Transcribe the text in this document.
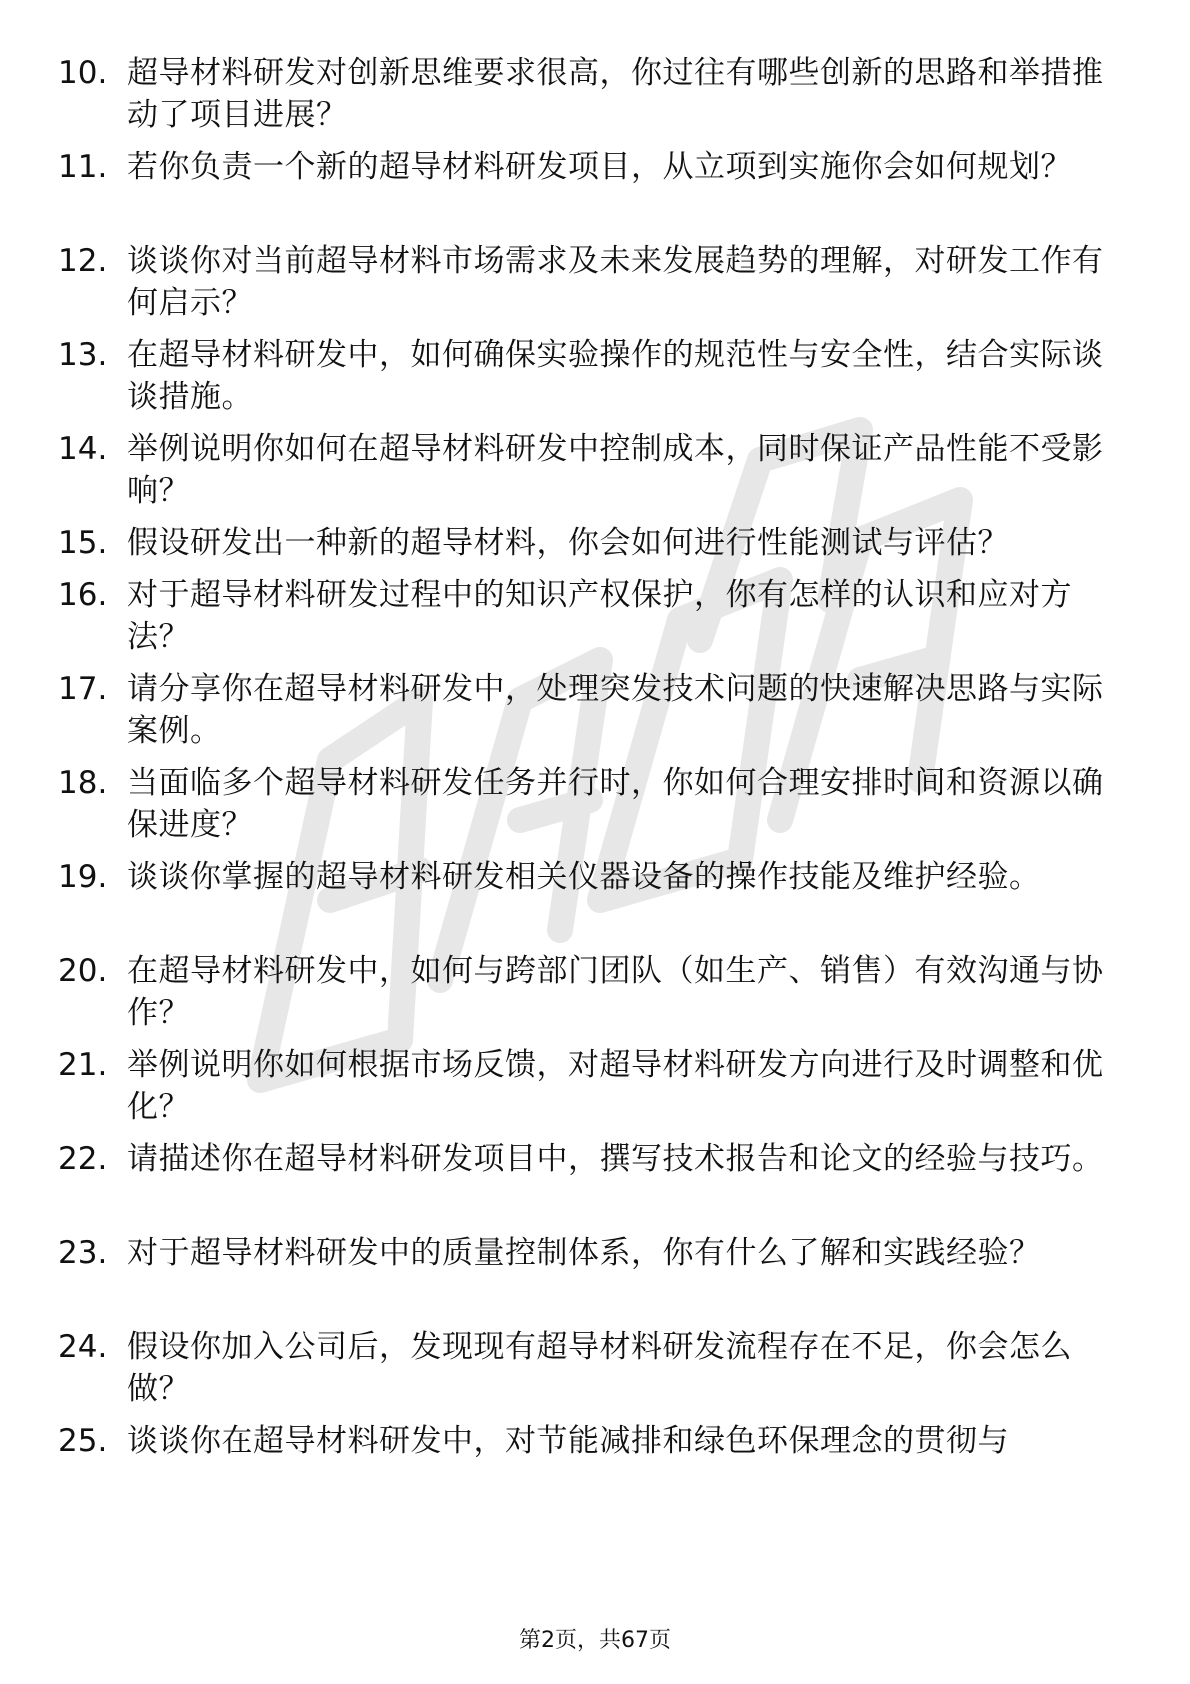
10. 超导材料研发对创新思维要求很高，你过往有哪些创新的思路和举措推动了项目进展？
11. 若你负责一个新的超导材料研发项目，从立项到实施你会如何规划？
12. 谈谈你对当前超导材料市场需求及未来发展趋势的理解，对研发工作有何启示？
13. 在超导材料研发中，如何确保实验操作的规范性与安全性，结合实际谈谈措施。
14. 举例说明你如何在超导材料研发中控制成本，同时保证产品性能不受影响？
15. 假设研发出一种新的超导材料，你会如何进行性能测试与评估？
16. 对于超导材料研发过程中的知识产权保护，你有怎样的认识和应对方法？
17. 请分享你在超导材料研发中，处理突发技术问题的快速解决思路与实际案例。
18. 当面临多个超导材料研发任务并行时，你如何合理安排时间和资源以确保进度？
19. 谈谈你掌握的超导材料研发相关仪器设备的操作技能及维护经验。
20. 在超导材料研发中，如何与跨部门团队（如生产、销售）有效沟通与协作？
21. 举例说明你如何根据市场反馈，对超导材料研发方向进行及时调整和优化？
22. 请描述你在超导材料研发项目中，撰写技术报告和论文的经验与技巧。
23. 对于超导材料研发中的质量控制体系，你有什么了解和实践经验？
24. 假设你加入公司后，发现现有超导材料研发流程存在不足，你会怎么做？
25. 谈谈你在超导材料研发中，对节能减排和绿色环保理念的贯彻与
第2页，共67页
